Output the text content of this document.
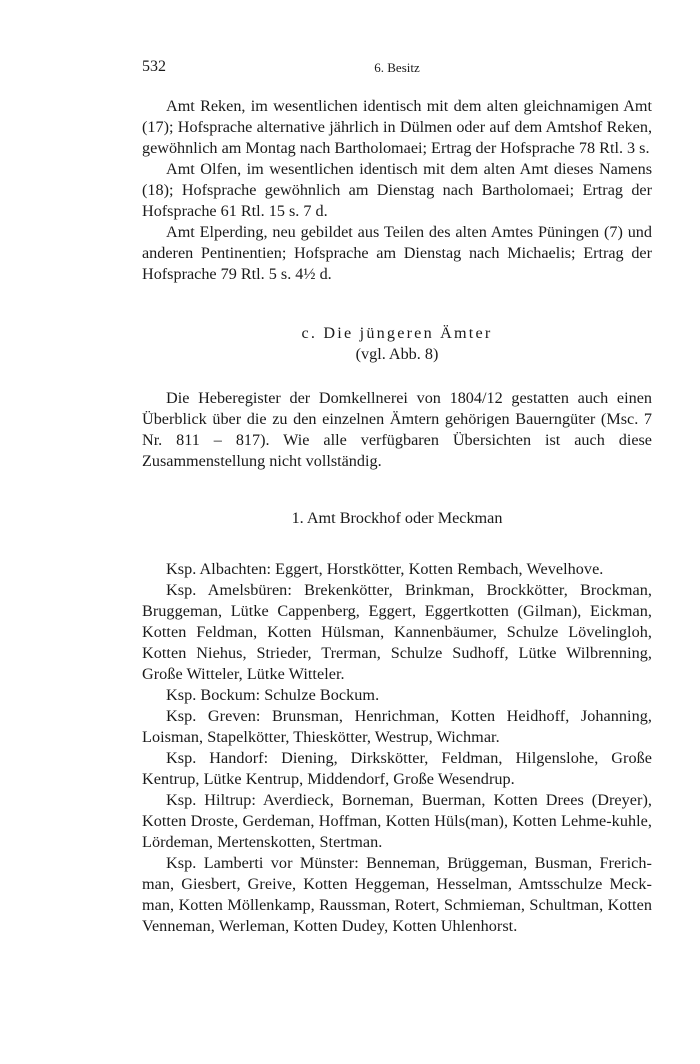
532	6. Besitz

Amt Reken, im wesentlichen identisch mit dem alten gleichnamigen Amt (17); Hofsprache alternative jährlich in Dülmen oder auf dem Amtshof Reken, gewöhnlich am Montag nach Bartholomaei; Ertrag der Hofsprache 78 Rtl. 3 s.

Amt Olfen, im wesentlichen identisch mit dem alten Amt dieses Namens (18); Hofsprache gewöhnlich am Dienstag nach Bartholomaei; Ertrag der Hofsprache 61 Rtl. 15 s. 7 d.

Amt Elperding, neu gebildet aus Teilen des alten Amtes Püningen (7) und anderen Pentinentien; Hofsprache am Dienstag nach Michaelis; Ertrag der Hofsprache 79 Rtl. 5 s. 4½ d.

c. Die jüngeren Ämter
(vgl. Abb. 8)

Die Heberegister der Domkellnerei von 1804/12 gestatten auch einen Überblick über die zu den einzelnen Ämtern gehörigen Bauerngüter (Msc. 7 Nr. 811 – 817). Wie alle verfügbaren Übersichten ist auch diese Zusammenstellung nicht vollständig.

1. Amt Brockhof oder Meckman

Ksp. Albachten: Eggert, Horstkötter, Kotten Rembach, Wevelhove.

Ksp. Amelsbüren: Brekenkötter, Brinkman, Brockkötter, Brockman, Bruggeman, Lütke Cappenberg, Eggert, Eggertkotten (Gilman), Eickman, Kotten Feldman, Kotten Hülsman, Kannenbäumer, Schulze Lövelingloh, Kotten Niehus, Strieder, Trerman, Schulze Sudhoff, Lütke Wilbrenning, Große Witteler, Lütke Witteler.

Ksp. Bockum: Schulze Bockum.

Ksp. Greven: Brunsman, Henrichman, Kotten Heidhoff, Johanning, Loisman, Stapelkötter, Thieskötter, Westrup, Wichmar.

Ksp. Handorf: Diening, Dirkskötter, Feldman, Hilgenslohe, Große Kentrup, Lütke Kentrup, Middendorf, Große Wesendrup.

Ksp. Hiltrup: Averdieck, Borneman, Buerman, Kotten Drees (Dreyer), Kotten Droste, Gerdeman, Hoffman, Kotten Hüls(man), Kotten Lehme-kuhle, Lördeman, Mertenskotten, Stertman.

Ksp. Lamberti vor Münster: Benneman, Brüggeman, Busman, Frerich-man, Giesbert, Greive, Kotten Heggeman, Hesselman, Amtsschulze Meck-man, Kotten Möllenkamp, Raussman, Rotert, Schmieman, Schultman, Kotten Venneman, Werleman, Kotten Dudey, Kotten Uhlenhorst.
